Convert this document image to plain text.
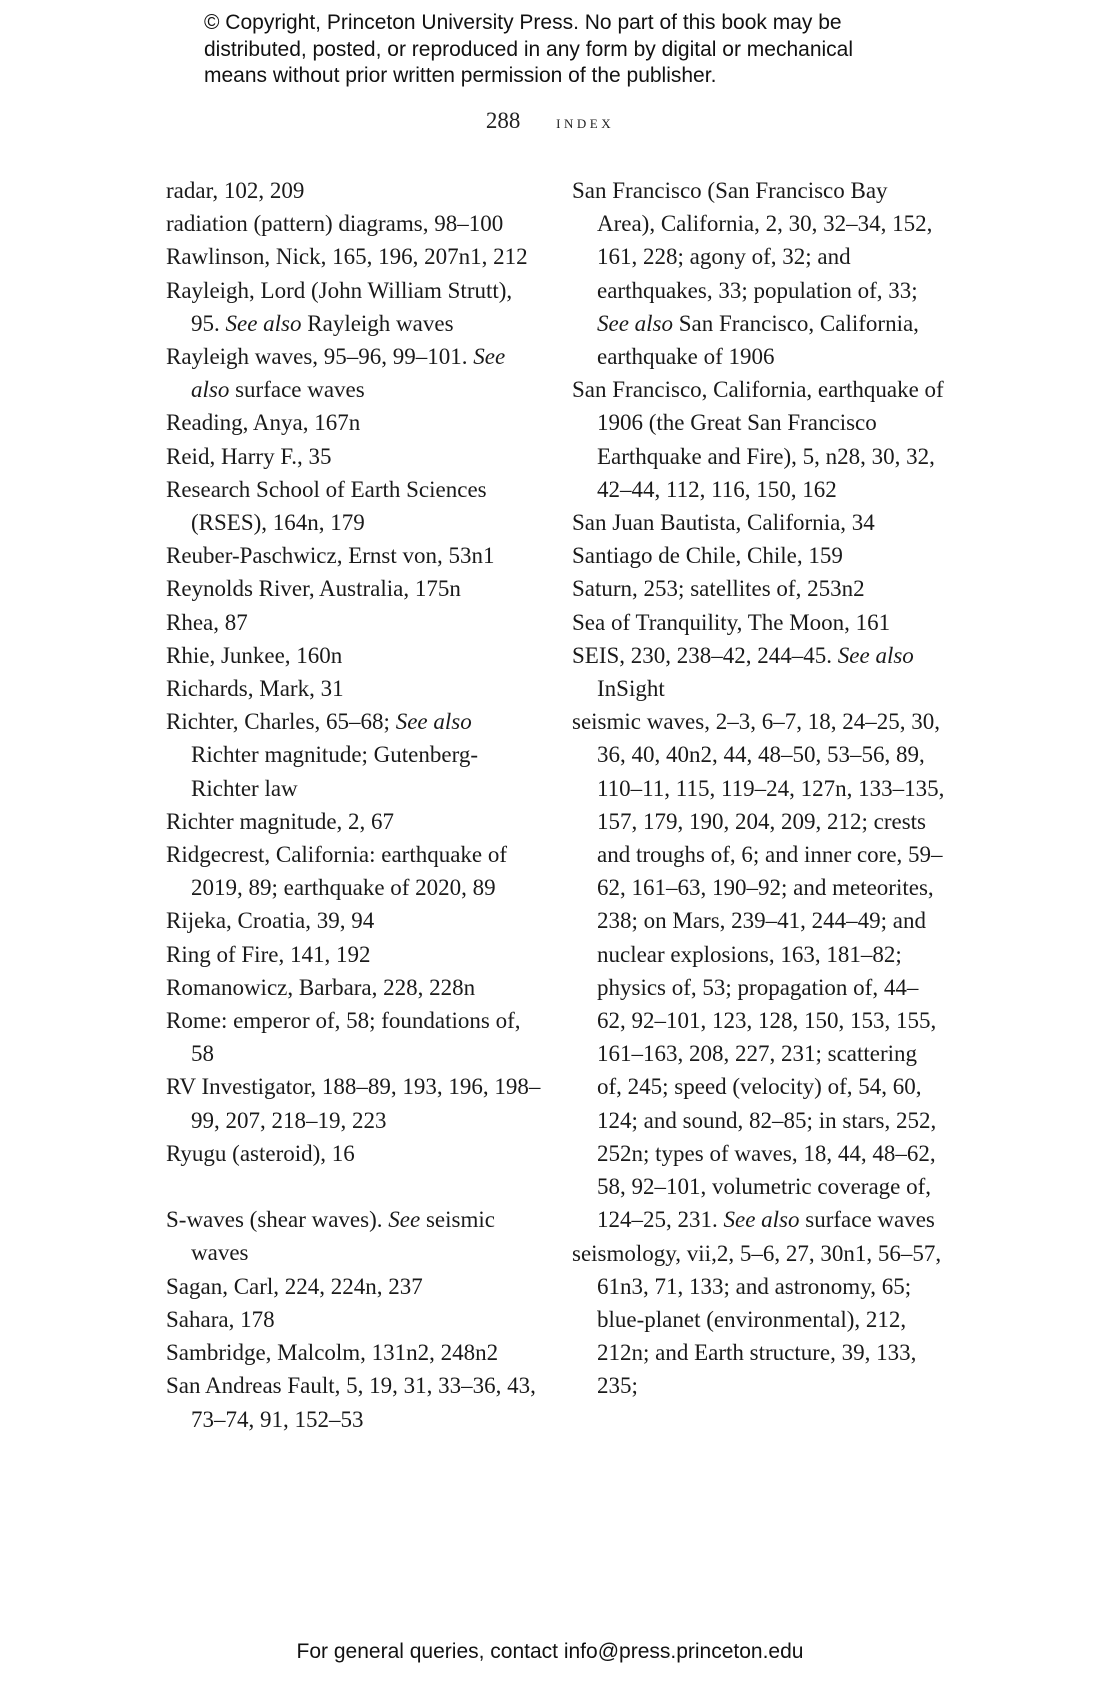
© Copyright, Princeton University Press. No part of this book may be
distributed, posted, or reproduced in any form by digital or mechanical
means without prior written permission of the publisher.
288 index
radar, 102, 209
radiation (pattern) diagrams, 98–100
Rawlinson, Nick, 165, 196, 207n1, 212
Rayleigh, Lord (John William Strutt), 95. See also Rayleigh waves
Rayleigh waves, 95–96, 99–101. See also surface waves
Reading, Anya, 167n
Reid, Harry F., 35
Research School of Earth Sciences (RSES), 164n, 179
Reuber-Paschwicz, Ernst von, 53n1
Reynolds River, Australia, 175n
Rhea, 87
Rhie, Junkee, 160n
Richards, Mark, 31
Richter, Charles, 65–68; See also Richter magnitude; Gutenberg-Richter law
Richter magnitude, 2, 67
Ridgecrest, California: earthquake of 2019, 89; earthquake of 2020, 89
Rijeka, Croatia, 39, 94
Ring of Fire, 141, 192
Romanowicz, Barbara, 228, 228n
Rome: emperor of, 58; foundations of, 58
RV Investigator, 188–89, 193, 196, 198–99, 207, 218–19, 223
Ryugu (asteroid), 16
S-waves (shear waves). See seismic waves
Sagan, Carl, 224, 224n, 237
Sahara, 178
Sambridge, Malcolm, 131n2, 248n2
San Andreas Fault, 5, 19, 31, 33–36, 43, 73–74, 91, 152–53
San Francisco (San Francisco Bay Area), California, 2, 30, 32–34, 152, 161, 228; agony of, 32; and earthquakes, 33; population of, 33; See also San Francisco, California, earthquake of 1906
San Francisco, California, earthquake of 1906 (the Great San Francisco Earthquake and Fire), 5, n28, 30, 32, 42–44, 112, 116, 150, 162
San Juan Bautista, California, 34
Santiago de Chile, Chile, 159
Saturn, 253; satellites of, 253n2
Sea of Tranquility, The Moon, 161
SEIS, 230, 238–42, 244–45. See also InSight
seismic waves, 2–3, 6–7, 18, 24–25, 30, 36, 40, 40n2, 44, 48–50, 53–56, 89, 110–11, 115, 119–24, 127n, 133–135, 157, 179, 190, 204, 209, 212; crests and troughs of, 6; and inner core, 59–62, 161–63, 190–92; and meteorites, 238; on Mars, 239–41, 244–49; and nuclear explosions, 163, 181–82; physics of, 53; propagation of, 44–62, 92–101, 123, 128, 150, 153, 155, 161–163, 208, 227, 231; scattering of, 245; speed (velocity) of, 54, 60, 124; and sound, 82–85; in stars, 252, 252n; types of waves, 18, 44, 48–62, 58, 92–101, volumetric coverage of, 124–25, 231. See also surface waves
seismology, vii,2, 5–6, 27, 30n1, 56–57, 61n3, 71, 133; and astronomy, 65; blue-planet (environmental), 212, 212n; and Earth structure, 39, 133, 235;
For general queries, contact info@press.princeton.edu
